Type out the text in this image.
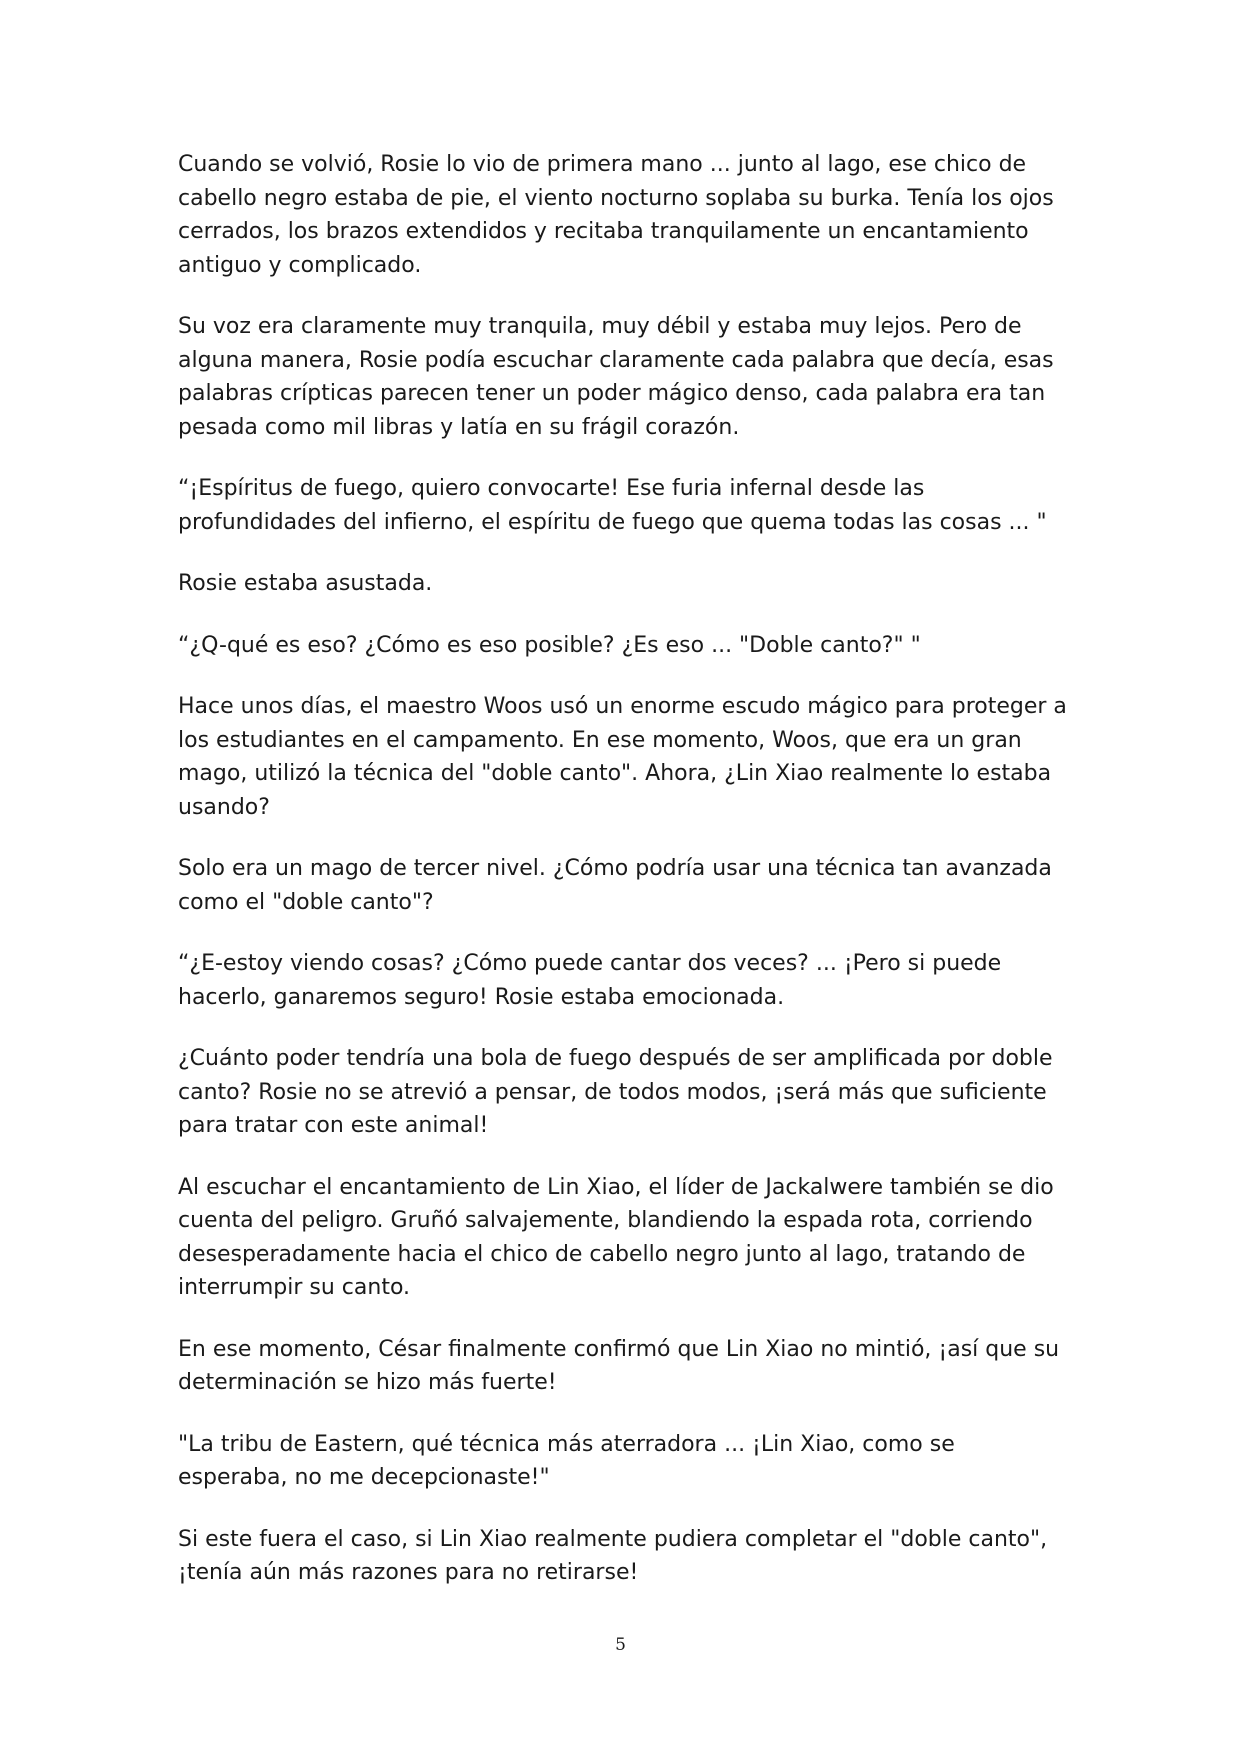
Cuando se volvió, Rosie lo vio de primera mano ... junto al lago, ese chico de cabello negro estaba de pie, el viento nocturno soplaba su burka. Tenía los ojos cerrados, los brazos extendidos y recitaba tranquilamente un encantamiento antiguo y complicado.

Su voz era claramente muy tranquila, muy débil y estaba muy lejos. Pero de alguna manera, Rosie podía escuchar claramente cada palabra que decía, esas palabras crípticas parecen tener un poder mágico denso, cada palabra era tan pesada como mil libras y latía en su frágil corazón.

“¡Espíritus de fuego, quiero convocarte! Ese furia infernal desde las profundidades del infierno, el espíritu de fuego que quema todas las cosas ... "

Rosie estaba asustada.

“¿Q-qué es eso? ¿Cómo es eso posible? ¿Es eso ... "Doble canto?" "

Hace unos días, el maestro Woos usó un enorme escudo mágico para proteger a los estudiantes en el campamento. En ese momento, Woos, que era un gran mago, utilizó la técnica del "doble canto". Ahora, ¿Lin Xiao realmente lo estaba usando?

Solo era un mago de tercer nivel. ¿Cómo podría usar una técnica tan avanzada como el "doble canto"?

“¿E-estoy viendo cosas? ¿Cómo puede cantar dos veces? ... ¡Pero si puede hacerlo, ganaremos seguro! Rosie estaba emocionada.

¿Cuánto poder tendría una bola de fuego después de ser amplificada por doble canto? Rosie no se atrevió a pensar, de todos modos, ¡será más que suficiente para tratar con este animal!

Al escuchar el encantamiento de Lin Xiao, el líder de Jackalwere también se dio cuenta del peligro. Gruñó salvajemente, blandiendo la espada rota, corriendo desesperadamente hacia el chico de cabello negro junto al lago, tratando de interrumpir su canto.

En ese momento, César finalmente confirmó que Lin Xiao no mintió, ¡así que su determinación se hizo más fuerte!

"La tribu de Eastern, qué técnica más aterradora ... ¡Lin Xiao, como se esperaba, no me decepcionaste!"

Si este fuera el caso, si Lin Xiao realmente pudiera completar el "doble canto", ¡tenía aún más razones para no retirarse!

5
